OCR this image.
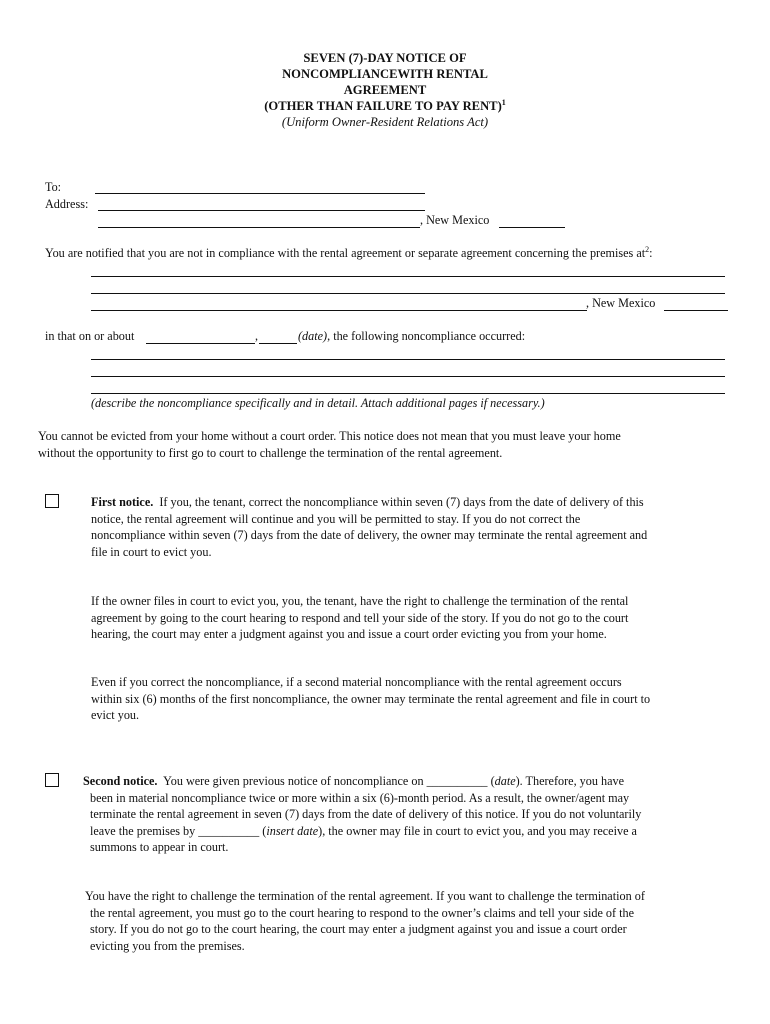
SEVEN (7)-DAY NOTICE OF
NONCOMPLIANCEWITH RENTAL
AGREEMENT
(OTHER THAN FAILURE TO PAY RENT)$^1$
(Uniform Owner-Resident Relations Act)
To:
Address:
, New Mexico
You are notified that you are not in compliance with the rental agreement or separate agreement concerning the premises $at^2$:
, New Mexico
in that on or about	,	(date), the following noncompliance occurred:
(describe the noncompliance specifically and in detail. Attach additional pages if necessary.)
You cannot be evicted from your home without a court order. This notice does not mean that you must leave your home
without the opportunity to first go to court to challenge the termination of the rental agreement.
First notice. If you, the tenant, correct the noncompliance within seven (7) days from the date of delivery of this
notice, the rental agreement will continue and you will be permitted to stay. If you do not correct the
noncompliance within seven (7) days from the date of delivery, the owner may terminate the rental agreement and
file in court to evict you.
If the owner files in court to evict you, you, the tenant, have the right to challenge the termination of the rental
agreement by going to the court hearing to respond and tell your side of the story. If you do not go to the court
hearing, the court may enter a judgment against you and issue a court order evicting you from your home.
Even if you correct the noncompliance, if a second material noncompliance with the rental agreement occurs
within six (6) months of the first noncompliance, the owner may terminate the rental agreement and file in court to
evict you.
Second notice. You were given previous notice of noncompliance on __________ (date). Therefore, you have
been in material noncompliance twice or more within a six (6)-month period. As a result, the owner/agent may
terminate the rental agreement in seven (7) days from the date of delivery of this notice. If you do not voluntarily
leave the premises by __________ (insert date), the owner may file in court to evict you, and you may receive a
summons to appear in court.
You have the right to challenge the termination of the rental agreement. If you want to challenge the termination of
the rental agreement, you must go to the court hearing to respond to the owner’s claims and tell your side of the
story. If you do not go to the court hearing, the court may enter a judgment against you and issue a court order
evicting you from the premises.
